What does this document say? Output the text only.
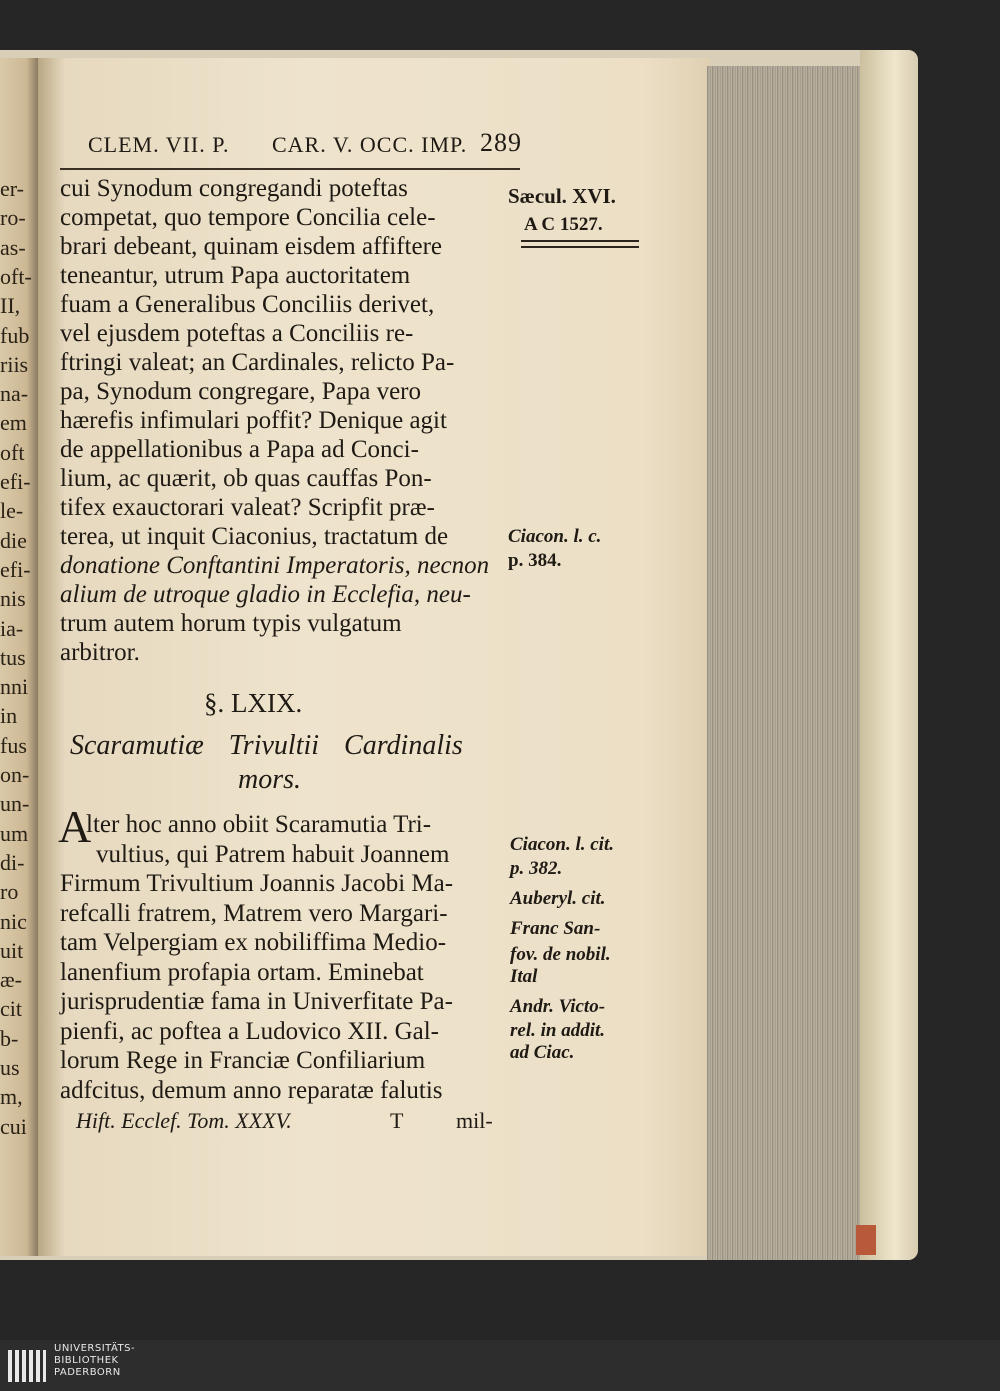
er-
ro-
as-
oft-
II,
fub
riis
na-
em
oft
efi-
le-
die
efi-
nis
ia-
tus
nni
in
fus
on-
un-
um
di-
ro
nic
uit
æ-
cit
b-
us
m,
cui
CLEM. VII. P. CAR. V. OCC. IMP. 289
Sæcul. XVI.
A C 1527.
Ciacon. l. c.
p. 384.
cui Synodum congregandi poteftas
competat, quo tempore Concilia cele-
brari debeant, quinam eisdem affiftere
teneantur, utrum Papa auctoritatem
fuam a Generalibus Conciliis derivet,
vel ejusdem poteftas a Conciliis re-
ftringi valeat; an Cardinales, relicto Pa-
pa, Synodum congregare, Papa vero
hærefis infimulari poffit? Denique agit
de appellationibus a Papa ad Conci-
lium, ac quærit, ob quas cauffas Pon-
tifex exauctorari valeat? Scripfit præ-
terea, ut inquit Ciaconius, tractatum de
donatione Conftantini Imperatoris, necnon
alium de utroque gladio in Ecclefia, neu-
trum autem horum typis vulgatum
arbitror.
§. LXIX.
Scaramutiæ Trivultii Cardinalis
mors.
A
lter hoc anno obiit Scaramutia Tri-
vultius, qui Patrem habuit Joannem
Firmum Trivultium Joannis Jacobi Ma-
refcalli fratrem, Matrem vero Margari-
tam Velpergiam ex nobiliffima Medio-
lanenfium profapia ortam. Eminebat
jurisprudentiæ fama in Univerfitate Pa-
pienfi, ac poftea a Ludovico XII. Gal-
lorum Rege in Franciæ Confiliarium
adfcitus, demum anno reparatæ falutis
Ciacon. l. cit.
p. 382.
Auberyl. cit.
Franc San-
fov. de nobil.
Ital
Andr. Victo-
rel. in addit.
ad Ciac.
Hift. Ecclef. Tom. XXXV.	T mil-
UNIVERSITÄTS-
BIBLIOTHEK
PADERBORN
